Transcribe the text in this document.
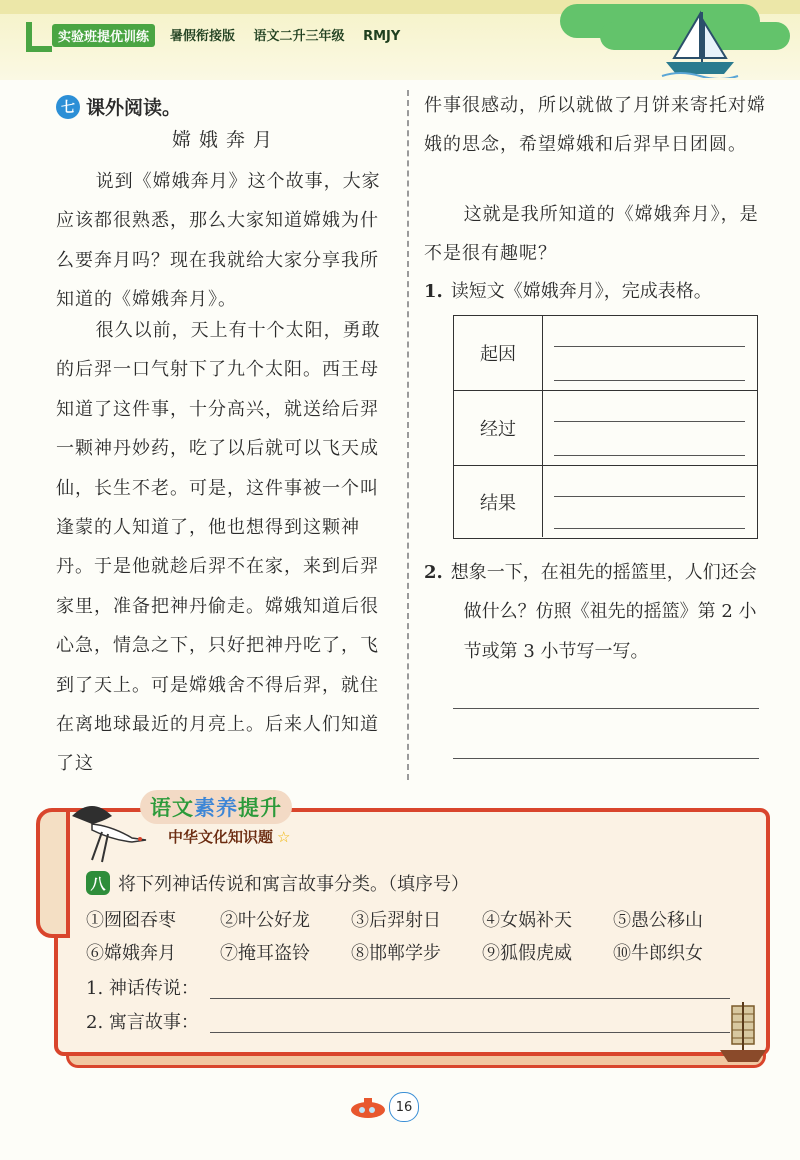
实验班提优训练	暑假衔接版 语文二升三年级 RMJY
七 课外阅读。
嫦娥奔月

说到《嫦娥奔月》这个故事，大家应该都很熟悉，那么大家知道嫦娥为什么要奔月吗？现在我就给大家分享我所知道的《嫦娥奔月》。

很久以前，天上有十个太阳，勇敢的后羿一口气射下了九个太阳。西王母知道了这件事，十分高兴，就送给后羿一颗神丹妙药，吃了以后就可以飞天成仙，长生不老。可是，这件事被一个叫逢蒙的人知道了，他也想得到这颗神丹。于是他就趁后羿不在家，来到后羿家里，准备把神丹偷走。嫦娥知道后很心急，情急之下，只好把神丹吃了，飞到了天上。可是嫦娥舍不得后羿，就住在离地球最近的月亮上。后来人们知道了这

件事很感动，所以就做了月饼来寄托对嫦娥的思念，希望嫦娥和后羿早日团圆。

这就是我所知道的《嫦娥奔月》，是不是很有趣呢？

1. 读短文《嫦娥奔月》，完成表格。
起因
经过
结果
2. 想象一下，在祖先的摇篮里，人们还会做什么？仿照《祖先的摇篮》第 2 小节或第 3 小节写一写。
语文 素养 提升
中华文化知识题 ☆
八 将下列神话传说和寓言故事分类。（填序号）
①囫囵吞枣 ②叶公好龙 ③后羿射日 ④女娲补天 ⑤愚公移山
⑥嫦娥奔月 ⑦掩耳盗铃 ⑧邯郸学步 ⑨狐假虎威 ⑩牛郎织女
1. 神话传说：
2. 寓言故事：
16
